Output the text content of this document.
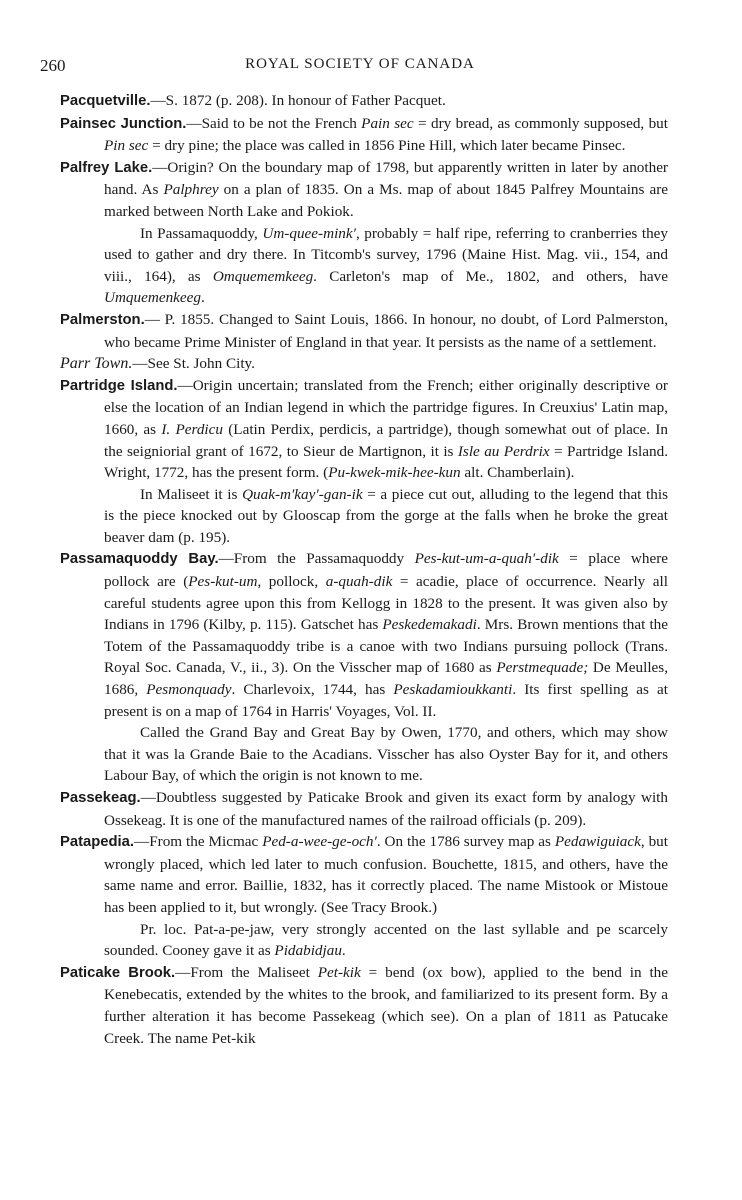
260	ROYAL SOCIETY OF CANADA

Pacquetville.—S. 1872 (p. 208). In honour of Father Pacquet.

Painsec Junction.—Said to be not the French Pain sec = dry bread, as commonly supposed, but Pin sec = dry pine; the place was called in 1856 Pine Hill, which later became Pinsec.

Palfrey Lake.—Origin? On the boundary map of 1798, but apparently written in later by another hand. As Palphrey on a plan of 1835. On a Ms. map of about 1845 Palfrey Mountains are marked between North Lake and Pokiok.

In Passamaquoddy, Um-quee-mink′, probably = half ripe, referring to cranberries they used to gather and dry there. In Titcomb's survey, 1796 (Maine Hist. Mag. vii., 154, and viii., 164), as Omquememkeeg. Carleton's map of Me., 1802, and others, have Umquemenkeeg.

Palmerston.— P. 1855. Changed to Saint Louis, 1866. In honour, no doubt, of Lord Palmerston, who became Prime Minister of England in that year. It persists as the name of a settlement.

Parr Town.—See St. John City.

Partridge Island.—Origin uncertain; translated from the French; either originally descriptive or else the location of an Indian legend in which the partridge figures. In Creuxius' Latin map, 1660, as I. Perdicu (Latin Perdix, perdicis, a partridge), though somewhat out of place. In the seigniorial grant of 1672, to Sieur de Martignon, it is Isle au Perdrix = Partridge Island. Wright, 1772, has the present form. (Pu-kwek-mik-hee-kun alt. Chamberlain).

In Maliseet it is Quak-m′kay′-gan-ik = a piece cut out, alluding to the legend that this is the piece knocked out by Glooscap from the gorge at the falls when he broke the great beaver dam (p. 195).

Passamaquoddy Bay.—From the Passamaquoddy Pes-kut-um-a-quah′-dik = place where pollock are (Pes-kut-um, pollock, a-quah-dik = acadie, place of occurrence. Nearly all careful students agree upon this from Kellogg in 1828 to the present. It was given also by Indians in 1796 (Kilby, p. 115). Gatschet has Peskedemakadi. Mrs. Brown mentions that the Totem of the Passamaquoddy tribe is a canoe with two Indians pursuing pollock (Trans. Royal Soc. Canada, V., ii., 3). On the Visscher map of 1680 as Perstmequade; De Meulles, 1686, Pesmonquady. Charlevoix, 1744, has Peskadamioukkanti. Its first spelling as at present is on a map of 1764 in Harris' Voyages, Vol. II.

Called the Grand Bay and Great Bay by Owen, 1770, and others, which may show that it was la Grande Baie to the Acadians. Visscher has also Oyster Bay for it, and others Labour Bay, of which the origin is not known to me.

Passekeag.—Doubtless suggested by Paticake Brook and given its exact form by analogy with Ossekeag. It is one of the manufactured names of the railroad officials (p. 209).

Patapedia.—From the Micmac Ped-a-wee-ge-och′. On the 1786 survey map as Pedawiguiack, but wrongly placed, which led later to much confusion. Bouchette, 1815, and others, have the same name and error. Baillie, 1832, has it correctly placed. The name Mistook or Mistoue has been applied to it, but wrongly. (See Tracy Brook.)

Pr. loc. Pat-a-pe-jaw, very strongly accented on the last syllable and pe scarcely sounded. Cooney gave it as Pidabidjau.

Paticake Brook.—From the Maliseet Pet-kik = bend (ox bow), applied to the bend in the Kenebecatis, extended by the whites to the brook, and familiarized to its present form. By a further alteration it has become Passekeag (which see). On a plan of 1811 as Patucake Creek. The name Pet-kik
